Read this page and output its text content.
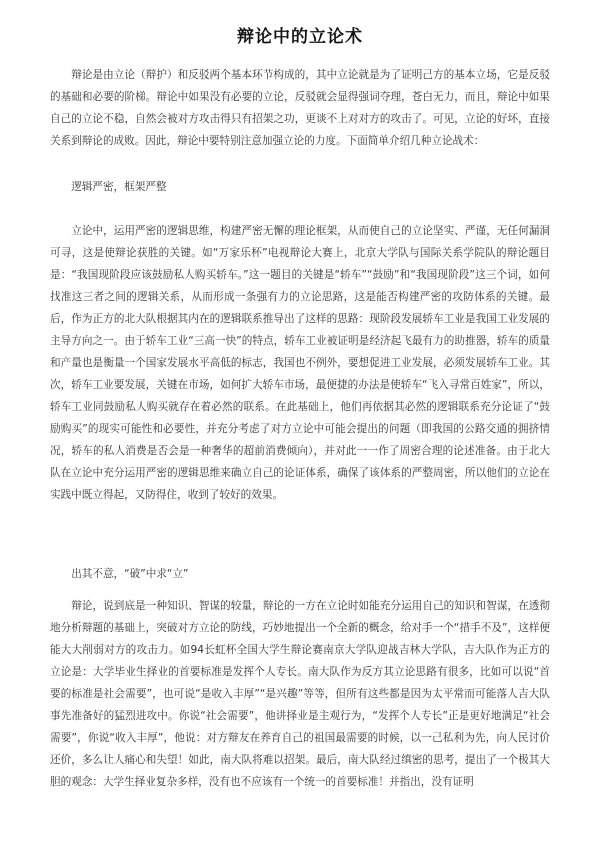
辩论中的立论术

辩论是由立论（辩护）和反驳两个基本环节构成的，其中立论就是为了证明己方的基本立场，它是反驳的基础和必要的阶梯。辩论中如果没有必要的立论，反驳就会显得强词夺理，苍白无力，而且，辩论中如果自己的立论不稳，自然会被对方攻击得只有招架之功，更谈不上对对方的攻击了。可见，立论的好坏，直接关系到辩论的成败。因此，辩论中要特别注意加强立论的力度。下面简单介绍几种立论战术：

逻辑严密，框架严整

立论中，运用严密的逻辑思维，构建严密无懈的理论框架，从而使自己的立论坚实、严谨，无任何漏洞可寻，这是使辩论获胜的关键。如“万家乐杯”电视辩论大赛上，北京大学队与国际关系学院队的辩论题目是：“我国现阶段应该鼓励私人购买轿车。”这一题目的关键是“轿车”“鼓励”和“我国现阶段”这三个词，如何找准这三者之间的逻辑关系，从而形成一条强有力的立论思路，这是能否构建严密的攻防体系的关键。最后，作为正方的北大队根据其内在的逻辑联系推导出了这样的思路：现阶段发展轿车工业是我国工业发展的主导方向之一。由于轿车工业“三高一快”的特点，轿车工业被证明是经济起飞最有力的助推器，轿车的质量和产量也是衡量一个国家发展水平高低的标志，我国也不例外，要想促进工业发展，必须发展轿车工业。其次，轿车工业要发展，关键在市场，如何扩大轿车市场，最便捷的办法是使轿车“飞入寻常百姓家”，所以，轿车工业同鼓励私人购买就存在着必然的联系。在此基础上，他们再依据其必然的逻辑联系充分论证了“鼓励购买”的现实可能性和必要性，并充分考虑了对方立论中可能会提出的问题（即我国的公路交通的拥挤情况，轿车的私人消费是否会是一种奢华的超前消费倾向），并对此一一作了周密合理的论述准备。由于北大队在立论中充分运用严密的逻辑思维来确立自己的论证体系，确保了该体系的严整周密，所以他们的立论在实践中既立得起，又防得住，收到了较好的效果。

出其不意，“破”中求“立”

辩论，说到底是一种知识、智谋的较量，辩论的一方在立论时如能充分运用自己的知识和智谋，在透彻地分析辩题的基础上，突破对方立论的防线，巧妙地提出一个全新的概念，给对手一个“措手不及”，这样便能大大削弱对方的攻击力。如94长虹杯全国大学生辩论赛南京大学队迎战吉林大学队，吉大队作为正方的立论是：大学毕业生择业的首要标准是发挥个人专长。南大队作为反方其立论思路有很多，比如可以说“首要的标准是社会需要”，也可说“是收入丰厚”“是兴趣”等等，但所有这些都是因为太平常而可能落人吉大队事先准备好的猛烈进攻中。你说“社会需要”，他讲择业是主观行为，“发挥个人专长”正是更好地满足“社会需要”，你说“收入丰厚”，他说：对方辩友在养育自己的祖国最需要的时候，以一己私利为先，向人民讨价还价，多么让人痛心和失望！如此，南大队将难以招架。最后，南大队经过缜密的思考，提出了一个极其大胆的观念：大学生择业复杂多样，没有也不应该有一个统一的首要标准！并指出，没有证明
